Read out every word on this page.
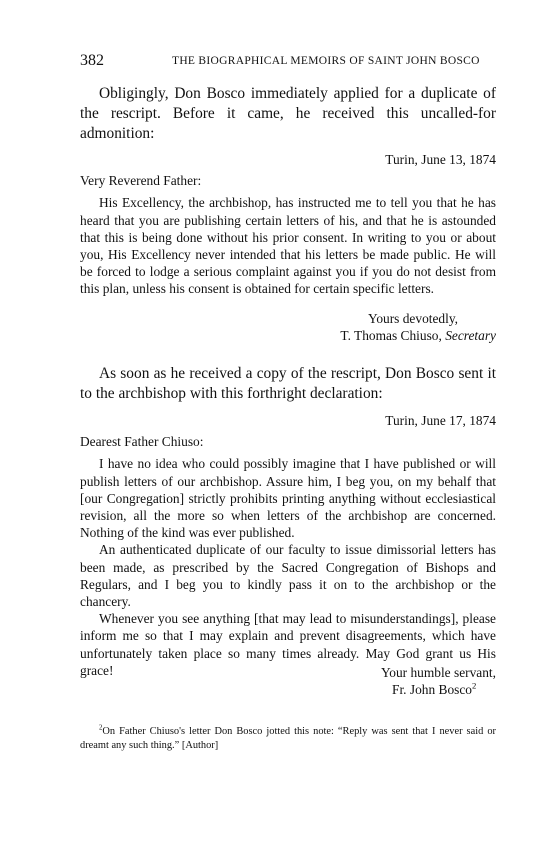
382	THE BIOGRAPHICAL MEMOIRS OF SAINT JOHN BOSCO

Obligingly, Don Bosco immediately applied for a duplicate of the rescript. Before it came, he received this uncalled-for admonition:

Turin, June 13, 1874

Very Reverend Father:

His Excellency, the archbishop, has instructed me to tell you that he has heard that you are publishing certain letters of his, and that he is astounded that this is being done without his prior consent. In writing to you or about you, His Excellency never intended that his letters be made public. He will be forced to lodge a serious complaint against you if you do not desist from this plan, unless his consent is obtained for certain specific letters.

Yours devotedly,

T. Thomas Chiuso, Secretary

As soon as he received a copy of the rescript, Don Bosco sent it to the archbishop with this forthright declaration:

Turin, June 17, 1874

Dearest Father Chiuso:

I have no idea who could possibly imagine that I have published or will publish letters of our archbishop. Assure him, I beg you, on my behalf that [our Congregation] strictly prohibits printing anything without ecclesiastical revision, all the more so when letters of the archbishop are concerned. Nothing of the kind was ever published.

An authenticated duplicate of our faculty to issue dimissorial letters has been made, as prescribed by the Sacred Congregation of Bishops and Regulars, and I beg you to kindly pass it on to the archbishop or the chancery.

Whenever you see anything [that may lead to misunderstandings], please inform me so that I may explain and prevent disagreements, which have unfortunately taken place so many times already. May God grant us His grace!	Your humble servant,

Fr. John Bosco$^2$

$^2$On Father Chiuso's letter Don Bosco jotted this note: “Reply was sent that I never said or dreamt any such thing.” [Author]
